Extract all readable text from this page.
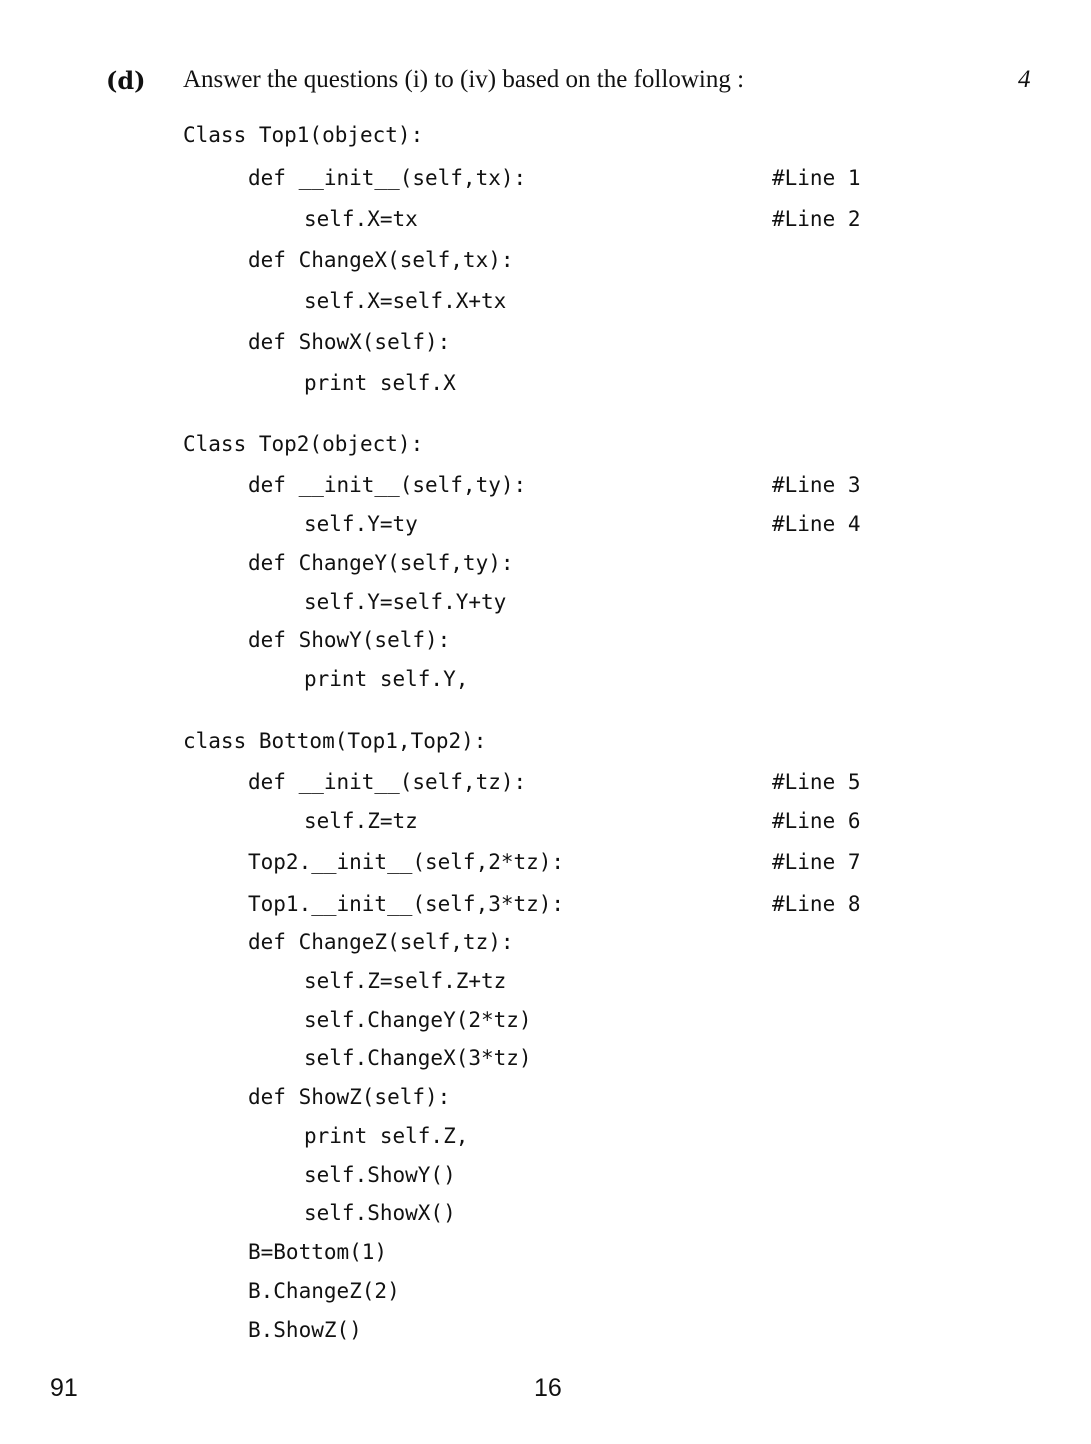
(d) Answer the questions (i) to (iv) based on the following :	4
Class Top1(object):
def __init__(self,tx):	#Line 1
self.X=tx	#Line 2
def ChangeX(self,tx):
self.X=self.X+tx
def ShowX(self):
print self.X
Class Top2(object):
def __init__(self,ty):	#Line 3
self.Y=ty	#Line 4
def ChangeY(self,ty):
self.Y=self.Y+ty
def ShowY(self):
print self.Y,
class Bottom(Top1,Top2):
def __init__(self,tz):	#Line 5
self.Z=tz	#Line 6
Top2.__init__(self,2*tz):	#Line 7
Top1.__init__(self,3*tz):	#Line 8
def ChangeZ(self,tz):
self.Z=self.Z+tz
self.ChangeY(2*tz)
self.ChangeX(3*tz)
def ShowZ(self):
print self.Z,
self.ShowY()
self.ShowX()
B=Bottom(1)
B.ChangeZ(2)
B.ShowZ()
91	16
